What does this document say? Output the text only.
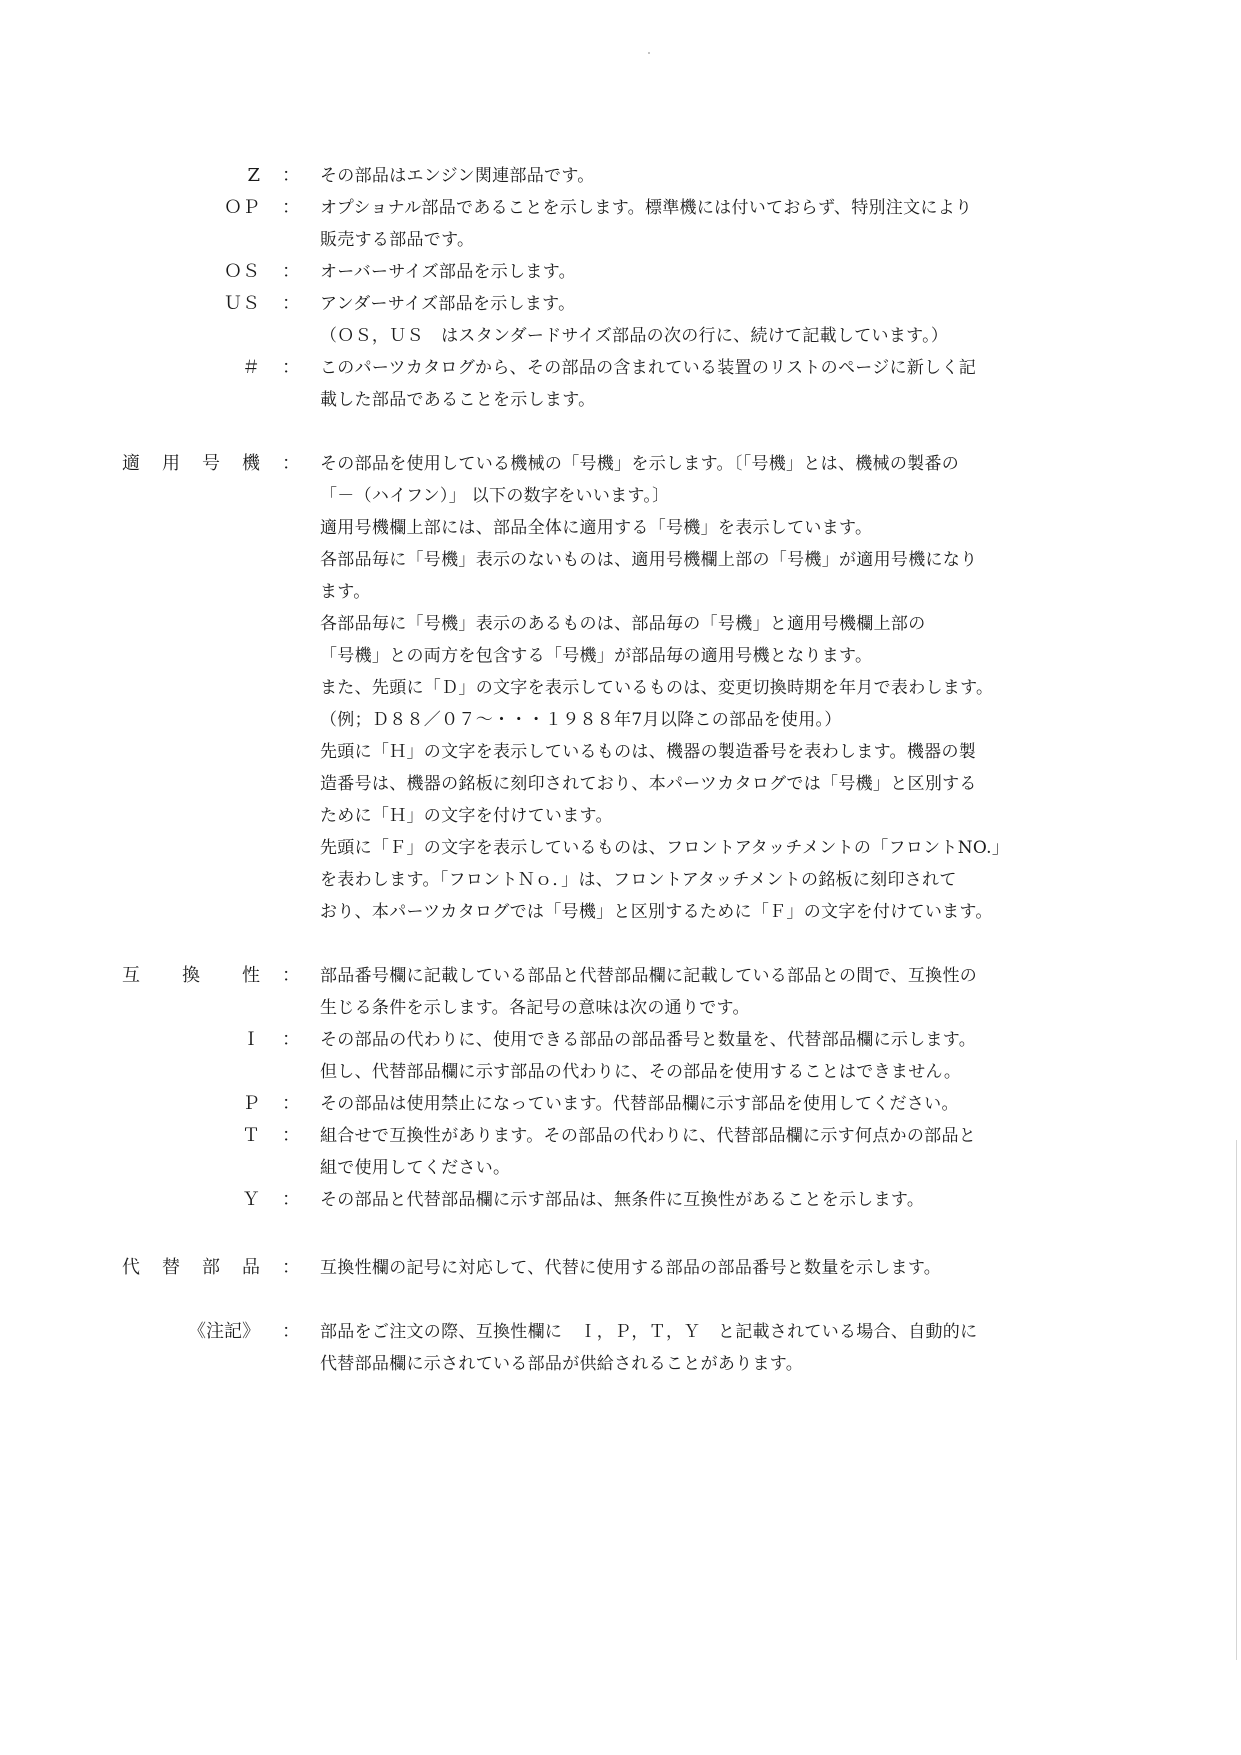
Z ： その部品はエンジン関連部品です。
ＯＰ ： オプショナル部品であることを示します。標準機には付いておらず、特別注文により
販売する部品です。
ＯＳ ： オーバーサイズ部品を示します。
ＵＳ ： アンダーサイズ部品を示します。
（ＯＳ，ＵＳ　はスタンダードサイズ部品の次の行に、続けて記載しています。）
＃ ： このパーツカタログから、その部品の含まれている装置のリストのページに新しく記
載した部品であることを示します。
適 用 号 機 ： その部品を使用している機械の「号機」を示します。〔「号機」とは、機械の製番の
「－（ハイフン）」 以下の数字をいいます。〕
適用号機欄上部には、部品全体に適用する「号機」を表示しています。
各部品毎に「号機」表示のないものは、適用号機欄上部の「号機」が適用号機になり
ます。
各部品毎に「号機」表示のあるものは、部品毎の「号機」と適用号機欄上部の
「号機」との両方を包含する「号機」が部品毎の適用号機となります。
また、先頭に「Ｄ」の文字を表示しているものは、変更切換時期を年月で表わします。
（例；Ｄ８８／０７～・・・１９８８年7月以降この部品を使用。）
先頭に「Ｈ」の文字を表示しているものは、機器の製造番号を表わします。機器の製
造番号は、機器の銘板に刻印されており、本パーツカタログでは「号機」と区別する
ために「Ｈ」の文字を付けています。
先頭に「Ｆ」の文字を表示しているものは、フロントアタッチメントの「フロントNO.」
を表わします。「フロントＮｏ．」は、フロントアタッチメントの銘板に刻印されて
おり、本パーツカタログでは「号機」と区別するために「Ｆ」の文字を付けています。
互 換 性 ： 部品番号欄に記載している部品と代替部品欄に記載している部品との間で、互換性の
生じる条件を示します。各記号の意味は次の通りです。
Ｉ ： その部品の代わりに、使用できる部品の部品番号と数量を、代替部品欄に示します。
但し、代替部品欄に示す部品の代わりに、その部品を使用することはできません。
Ｐ ： その部品は使用禁止になっています。代替部品欄に示す部品を使用してください。
Ｔ ： 組合せで互換性があります。その部品の代わりに、代替部品欄に示す何点かの部品と
組で使用してください。
Ｙ ： その部品と代替部品欄に示す部品は、無条件に互換性があることを示します。
代 替 部 品 ： 互換性欄の記号に対応して、代替に使用する部品の部品番号と数量を示します。
《注記》 ： 部品をご注文の際、互換性欄に　Ｉ，Ｐ，Ｔ，Ｙ　と記載されている場合、自動的に
代替部品欄に示されている部品が供給されることがあります。
